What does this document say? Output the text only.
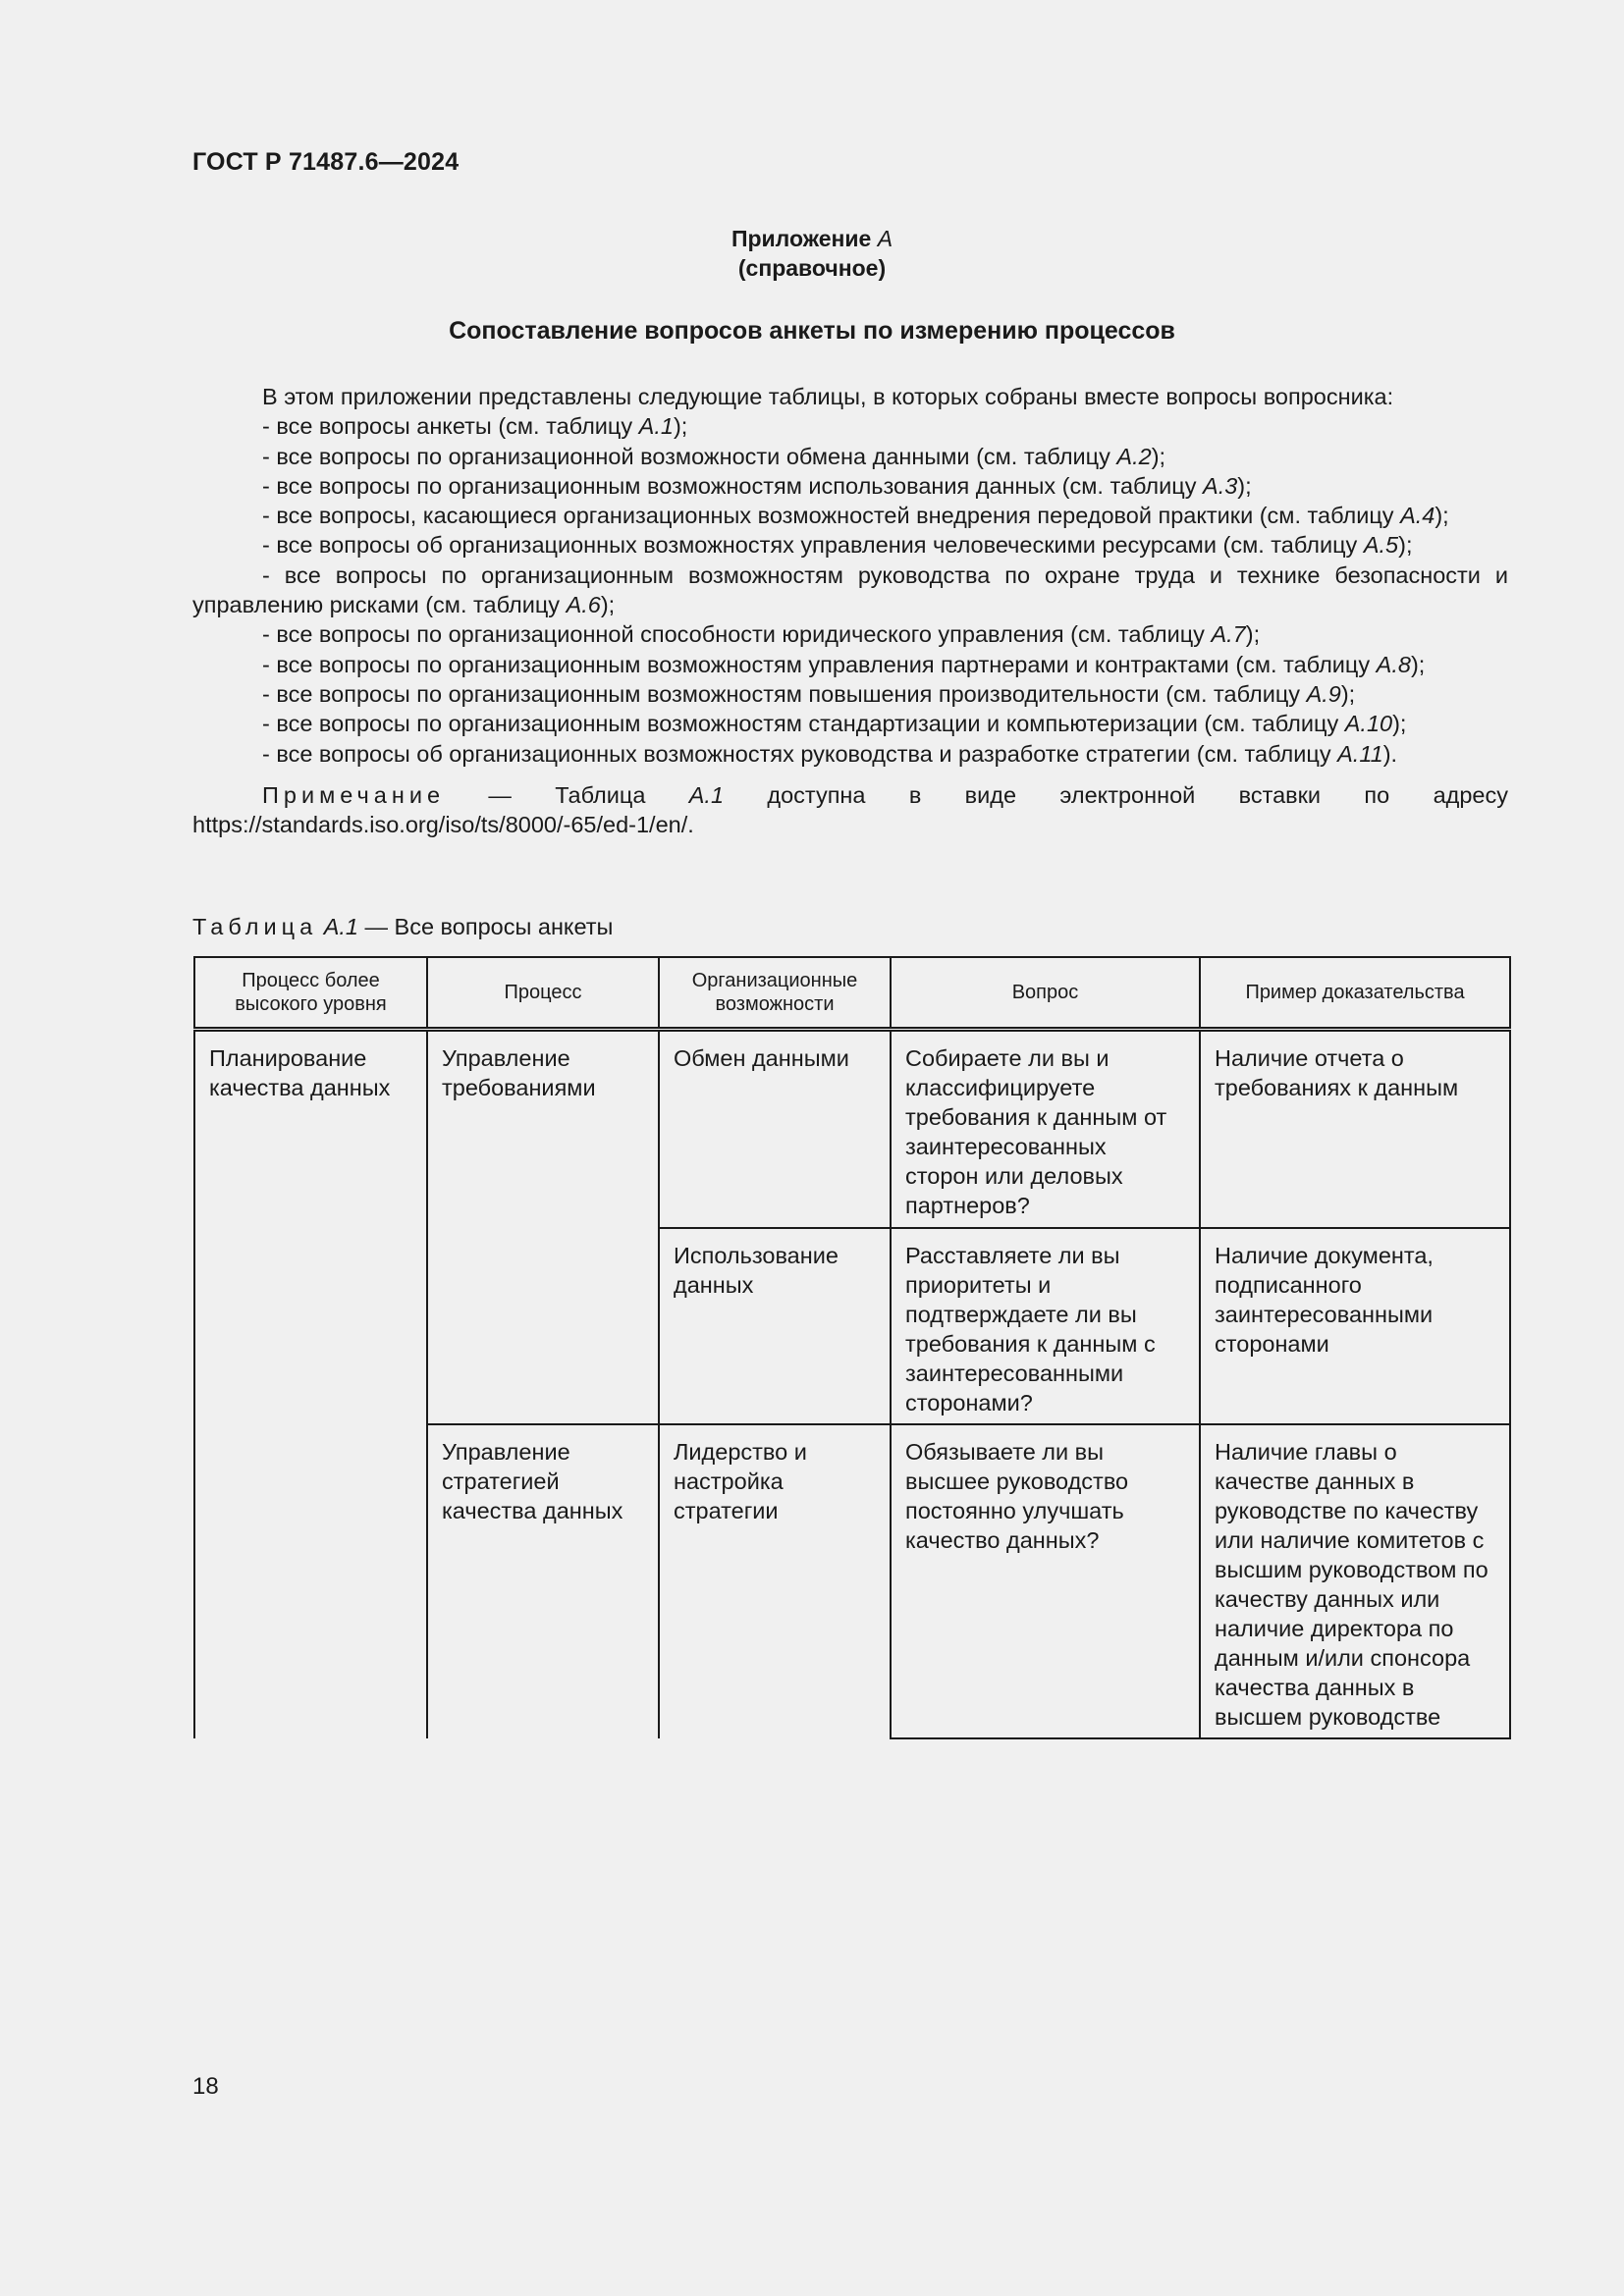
ГОСТ Р 71487.6—2024
Приложение А
(справочное)
Сопоставление вопросов анкеты по измерению процессов

В этом приложении представлены следующие таблицы, в которых собраны вместе вопросы вопросника:

- все вопросы анкеты (см. таблицу А.1);

- все вопросы по организационной возможности обмена данными (см. таблицу А.2);

- все вопросы по организационным возможностям использования данных (см. таблицу А.3);

- все вопросы, касающиеся организационных возможностей внедрения передовой практики (см. таблицу А.4);

- все вопросы об организационных возможностях управления человеческими ресурсами (см. таблицу А.5);

- все вопросы по организационным возможностям руководства по охране труда и технике безопасности и управлению рисками (см. таблицу А.6);

- все вопросы по организационной способности юридического управления (см. таблицу А.7);

- все вопросы по организационным возможностям управления партнерами и контрактами (см. таблицу А.8);

- все вопросы по организационным возможностям повышения производительности (см. таблицу А.9);

- все вопросы по организационным возможностям стандартизации и компьютеризации (см. таблицу А.10);

- все вопросы об организационных возможностях руководства и разработке стратегии (см. таблицу А.11).

Примечание — Таблица А.1 доступна в виде электронной вставки по адресу https://standards.iso.org/iso/ts/8000/-65/ed-1/en/.

Таблица А.1 — Все вопросы анкеты
Процесс более высокого уровня	Процесс	Организационные возможности	Вопрос	Пример доказательства
Планирование качества данных	Управление требованиями	Обмен данными	Собираете ли вы и классифицируете требования к данным от заинтересованных сторон или деловых партнеров?	Наличие отчета о требованиях к данным
		Использование данных	Расставляете ли вы приоритеты и подтверждаете ли вы требования к данным с заинтересованными сторонами?	Наличие документа, подписанного заинтересованными сторонами
	Управление стратегией качества данных	Лидерство и настройка стратегии	Обязываете ли вы высшее руководство постоянно улучшать качество данных?	Наличие главы о качестве данных в руководстве по качеству или наличие комитетов с высшим руководством по качеству данных или наличие директора по данным и/или спонсора качества данных в высшем руководстве
18
